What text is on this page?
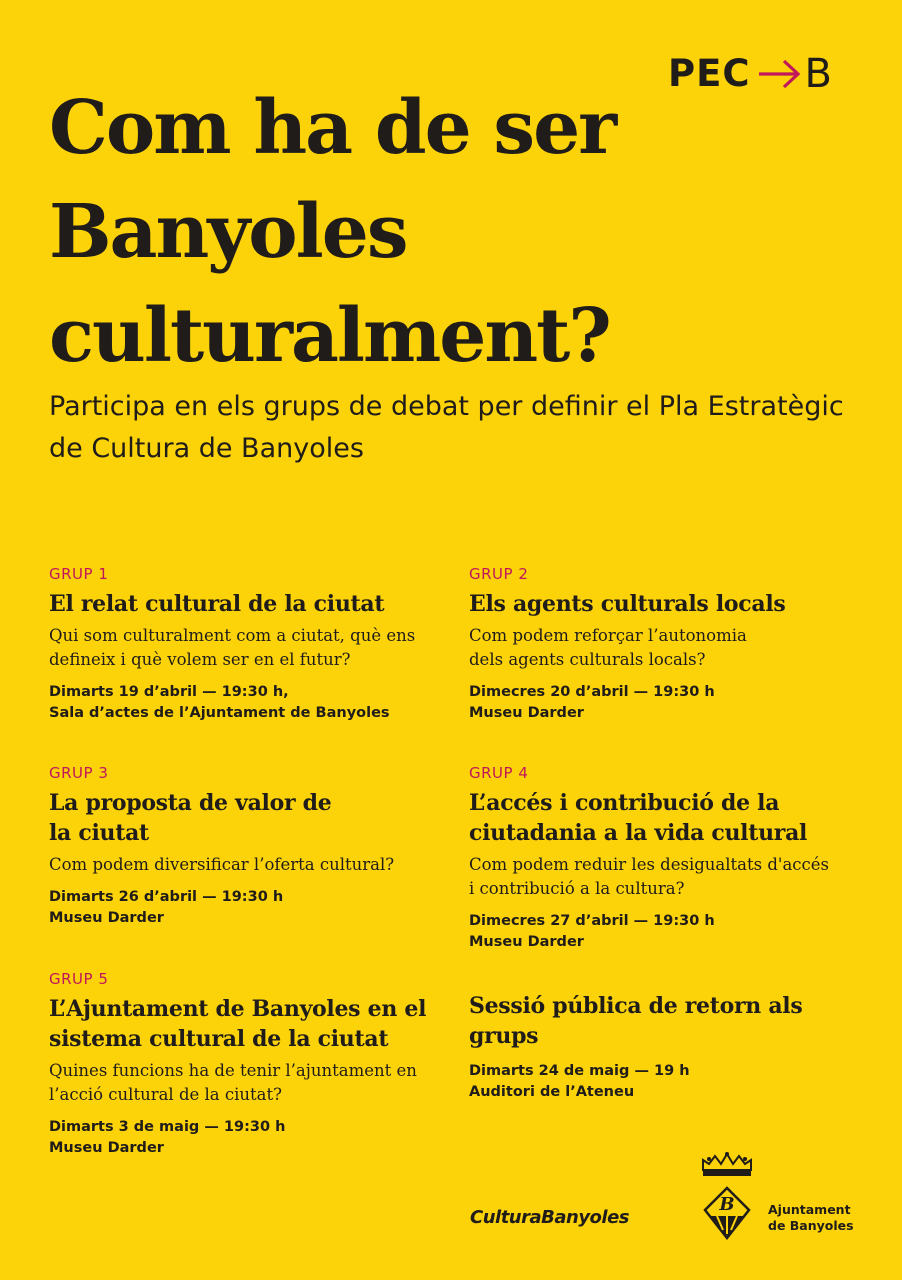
PEC B
Com ha de ser Banyoles culturalment?

Participa en els grups de debat per definir el Pla Estratègic de Cultura de Banyoles

GRUP 1
El relat cultural de la ciutat
Qui som culturalment com a ciutat, què ens defineix i què volem ser en el futur?
Dimarts 19 d’abril — 19:30 h,
Sala d’actes de l’Ajuntament de Banyoles
GRUP 2
Els agents culturals locals
Com podem reforçar l’autonomia dels agents culturals locals?
Dimecres 20 d’abril — 19:30 h
Museu Darder
GRUP 3
La proposta de valor de la ciutat
Com podem diversificar l’oferta cultural?
Dimarts 26 d’abril — 19:30 h
Museu Darder
GRUP 4
L’accés i contribució de la ciutadania a la vida cultural
Com podem reduir les desigualtats d'accés i contribució a la cultura?
Dimecres 27 d’abril — 19:30 h
Museu Darder
GRUP 5
L’Ajuntament de Banyoles en el sistema cultural de la ciutat
Quines funcions ha de tenir l’ajuntament en l’acció cultural de la ciutat?
Dimarts 3 de maig — 19:30 h
Museu Darder
Sessió pública de retorn als grups
Dimarts 24 de maig — 19 h
Auditori de l’Ateneu
CulturaBanyoles
B	Ajuntament
de Banyoles
